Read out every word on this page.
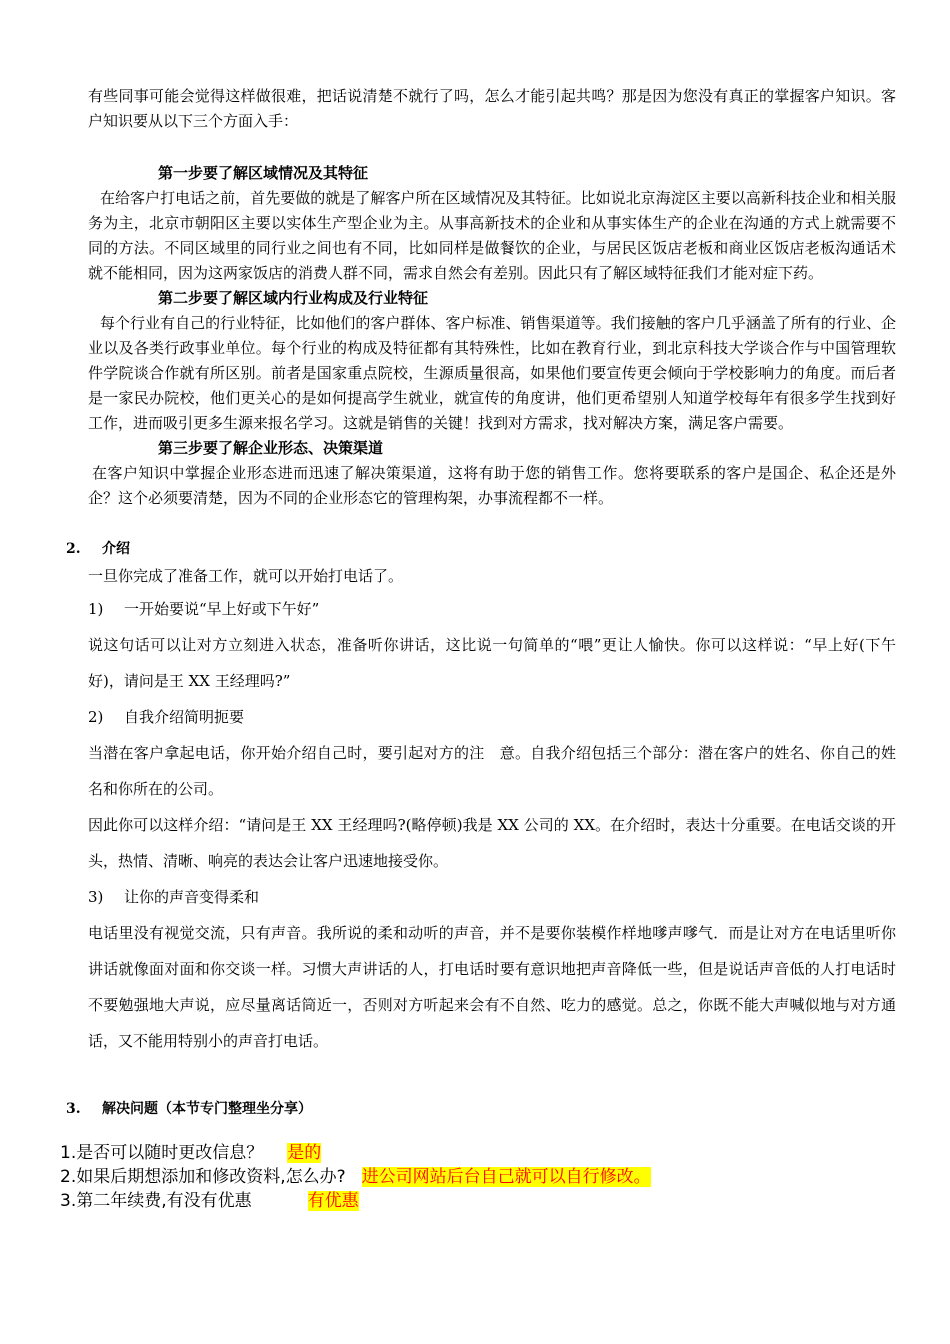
有些同事可能会觉得这样做很难，把话说清楚不就行了吗，怎么才能引起共鸣？那是因为您没有真正的掌握客户知识。客户知识要从以下三个方面入手：

第一步要了解区域情况及其特征

在给客户打电话之前，首先要做的就是了解客户所在区域情况及其特征。比如说北京海淀区主要以高新科技企业和相关服务为主，北京市朝阳区主要以实体生产型企业为主。从事高新技术的企业和从事实体生产的企业在沟通的方式上就需要不同的方法。不同区域里的同行业之间也有不同，比如同样是做餐饮的企业，与居民区饭店老板和商业区饭店老板沟通话术就不能相同，因为这两家饭店的消费人群不同，需求自然会有差别。因此只有了解区域特征我们才能对症下药。

第二步要了解区域内行业构成及行业特征

每个行业有自己的行业特征，比如他们的客户群体、客户标准、销售渠道等。我们接触的客户几乎涵盖了所有的行业、企业以及各类行政事业单位。每个行业的构成及特征都有其特殊性，比如在教育行业，到北京科技大学谈合作与中国管理软件学院谈合作就有所区别。前者是国家重点院校，生源质量很高，如果他们要宣传更会倾向于学校影响力的角度。而后者是一家民办院校，他们更关心的是如何提高学生就业，就宣传的角度讲，他们更希望别人知道学校每年有很多学生找到好工作，进而吸引更多生源来报名学习。这就是销售的关键！找到对方需求，找对解决方案，满足客户需要。

第三步要了解企业形态、决策渠道

在客户知识中掌握企业形态进而迅速了解决策渠道，这将有助于您的销售工作。您将要联系的客户是国企、私企还是外企？这个必须要清楚，因为不同的企业形态它的管理构架，办事流程都不一样。

2. 介绍

一旦你完成了准备工作，就可以开始打电话了。

1) 一开始要说“早上好或下午好”

说这句话可以让对方立刻进入状态，准备听你讲话，这比说一句简单的“喂”更让人愉快。你可以这样说：“早上好(下午好)，请问是王 XX 王经理吗?”

2) 自我介绍简明扼要

当潜在客户拿起电话，你开始介绍自己时，要引起对方的注　意。自我介绍包括三个部分：潜在客户的姓名、你自己的姓名和你所在的公司。

因此你可以这样介绍：“请问是王 XX 王经理吗?(略停顿)我是 XX 公司的 XX。在介绍时，表达十分重要。在电话交谈的开头，热情、清晰、响亮的表达会让客户迅速地接受你。

3) 让你的声音变得柔和

电话里没有视觉交流，只有声音。我所说的柔和动听的声音，并不是要你装模作样地嗲声嗲气．而是让对方在电话里听你讲话就像面对面和你交谈一样。习惯大声讲话的人，打电话时要有意识地把声音降低一些，但是说话声音低的人打电话时不要勉强地大声说，应尽量离话筒近一，否则对方听起来会有不自然、吃力的感觉。总之，你既不能大声喊似地与对方通话，又不能用特别小的声音打电话。

3. 解决问题（本节专门整理坐分享）

1.是否可以随时更改信息？ 是的

2.如果后期想添加和修改资料,怎么办? 进公司网站后台自己就可以自行修改。

3.第二年续费,有没有优惠	有优惠
